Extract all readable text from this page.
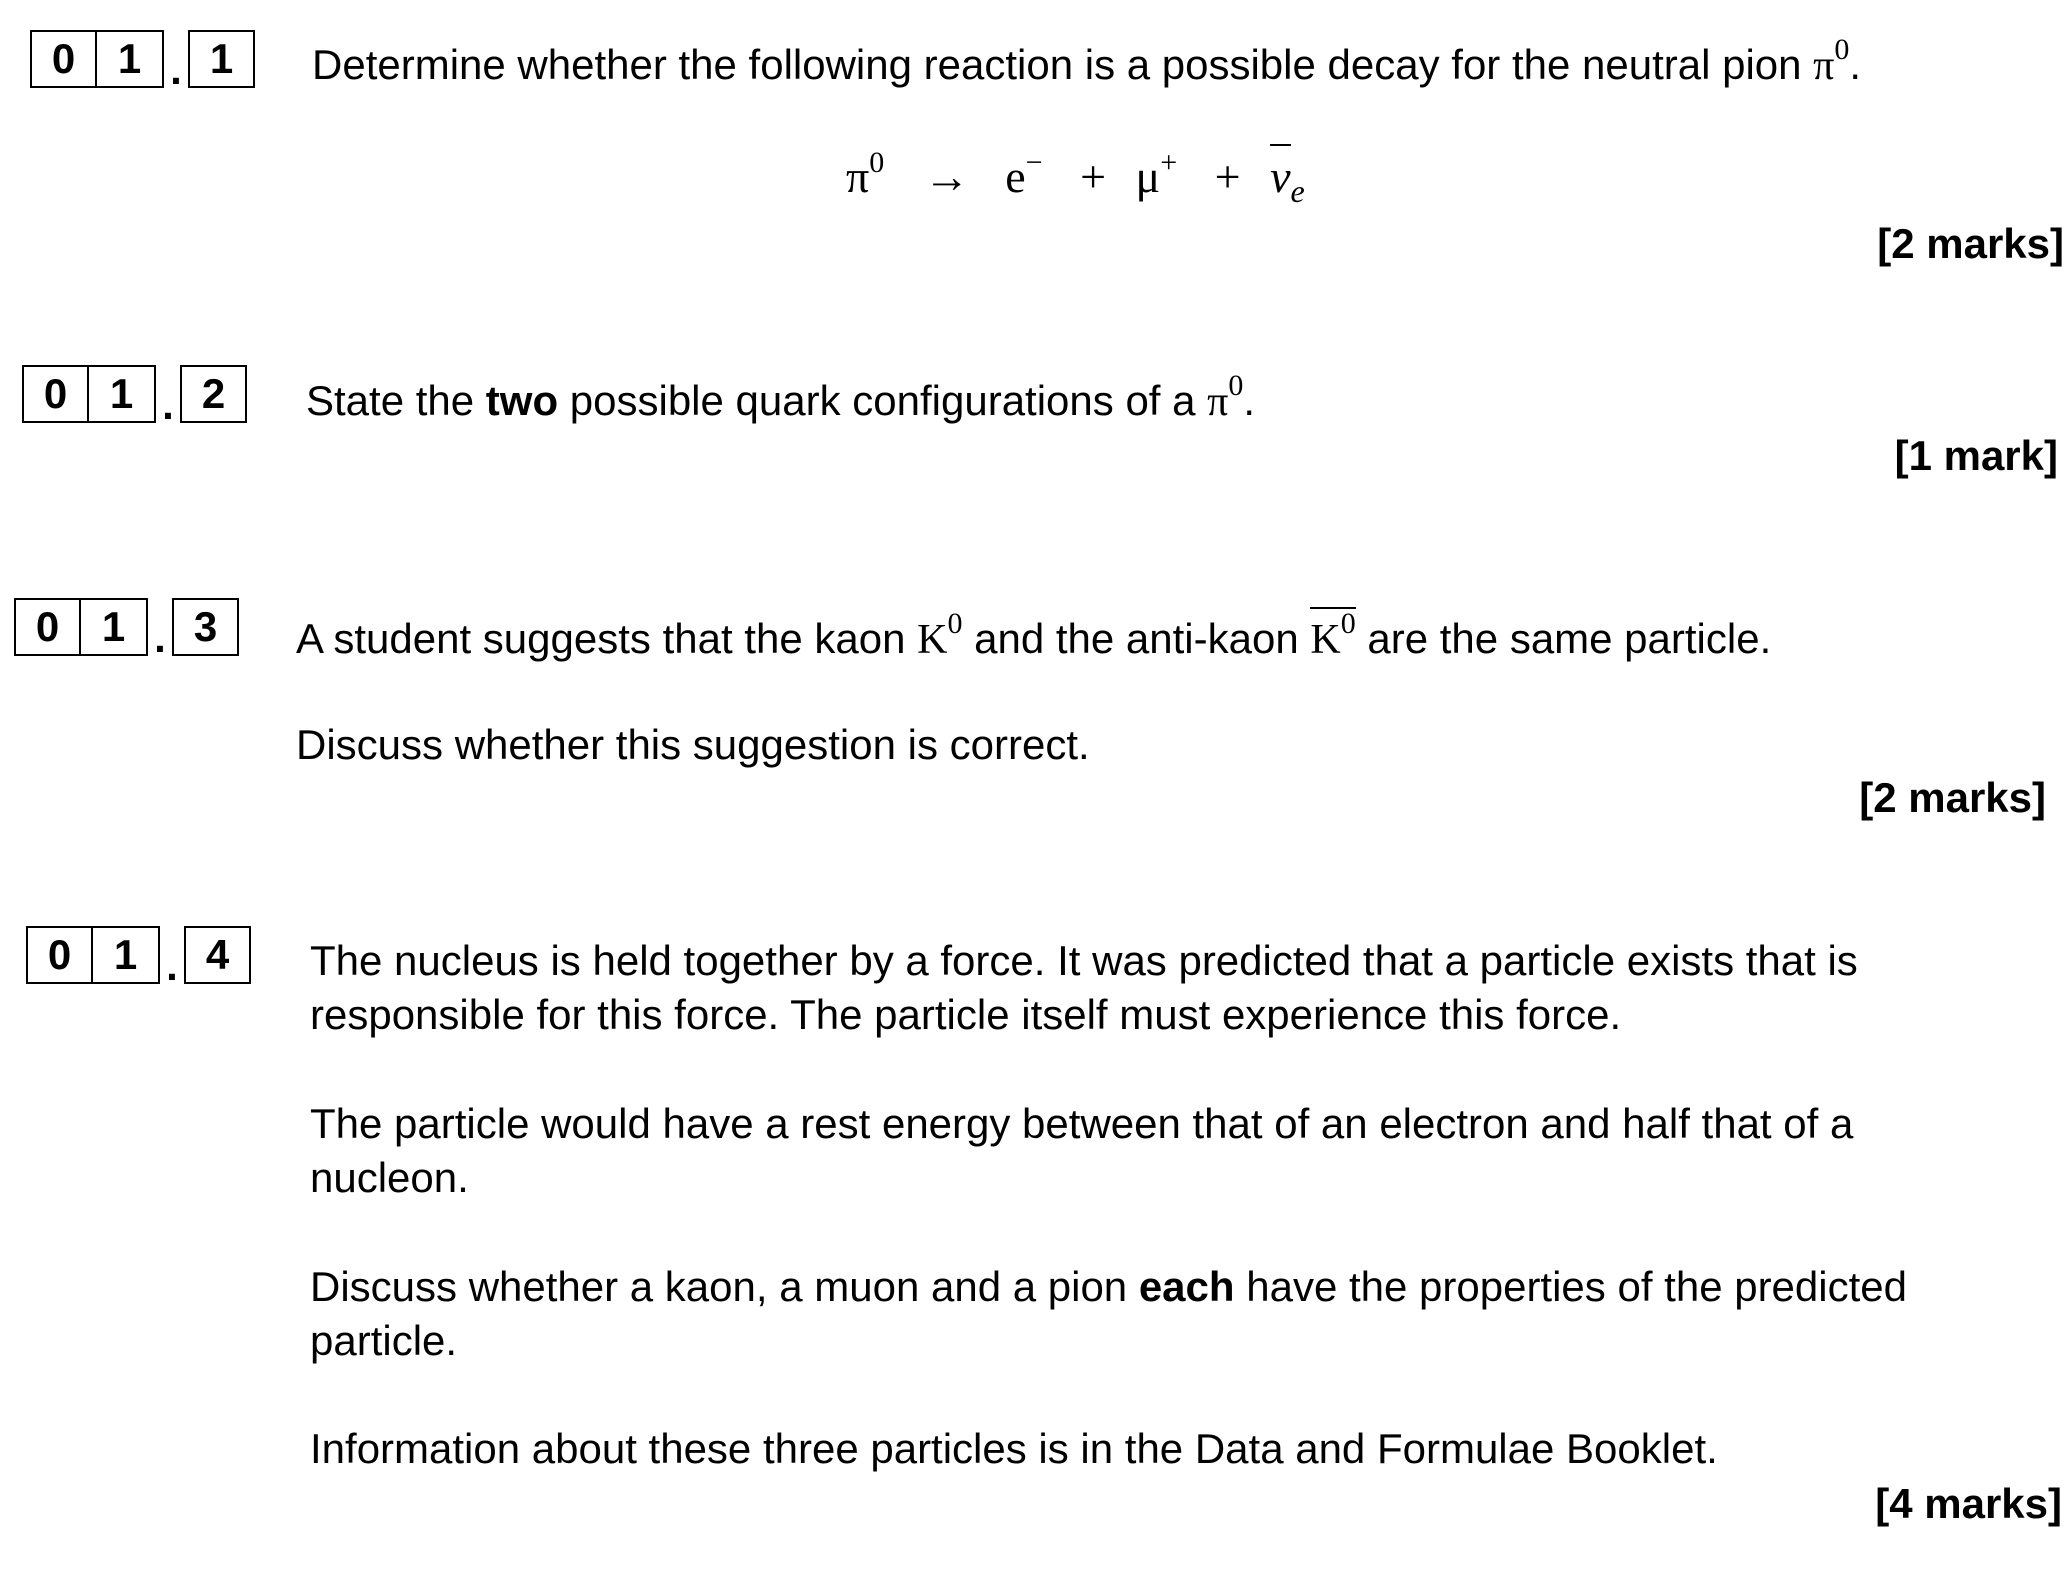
0	1 . 1	Determine whether the following reaction is a possible decay for the neutral pion $\pi^0$.
$\pi^0 \to e^- + \mu^+ + \nu_e$
[2 marks]
0	1 . 2	State the two possible quark configurations of a $\pi^0$.
[1 mark]
0	1 . 3	A student suggests that the kaon $K^0$ and the anti-kaon $K^0$ are the same particle.
Discuss whether this suggestion is correct.
[2 marks]
0	1 . 4	The nucleus is held together by a force. It was predicted that a particle exists that is
responsible for this force. The particle itself must experience this force.
The particle would have a rest energy between that of an electron and half that of a
nucleon.
Discuss whether a kaon, a muon and a pion each have the properties of the predicted
particle.
Information about these three particles is in the Data and Formulae Booklet.
[4 marks]
